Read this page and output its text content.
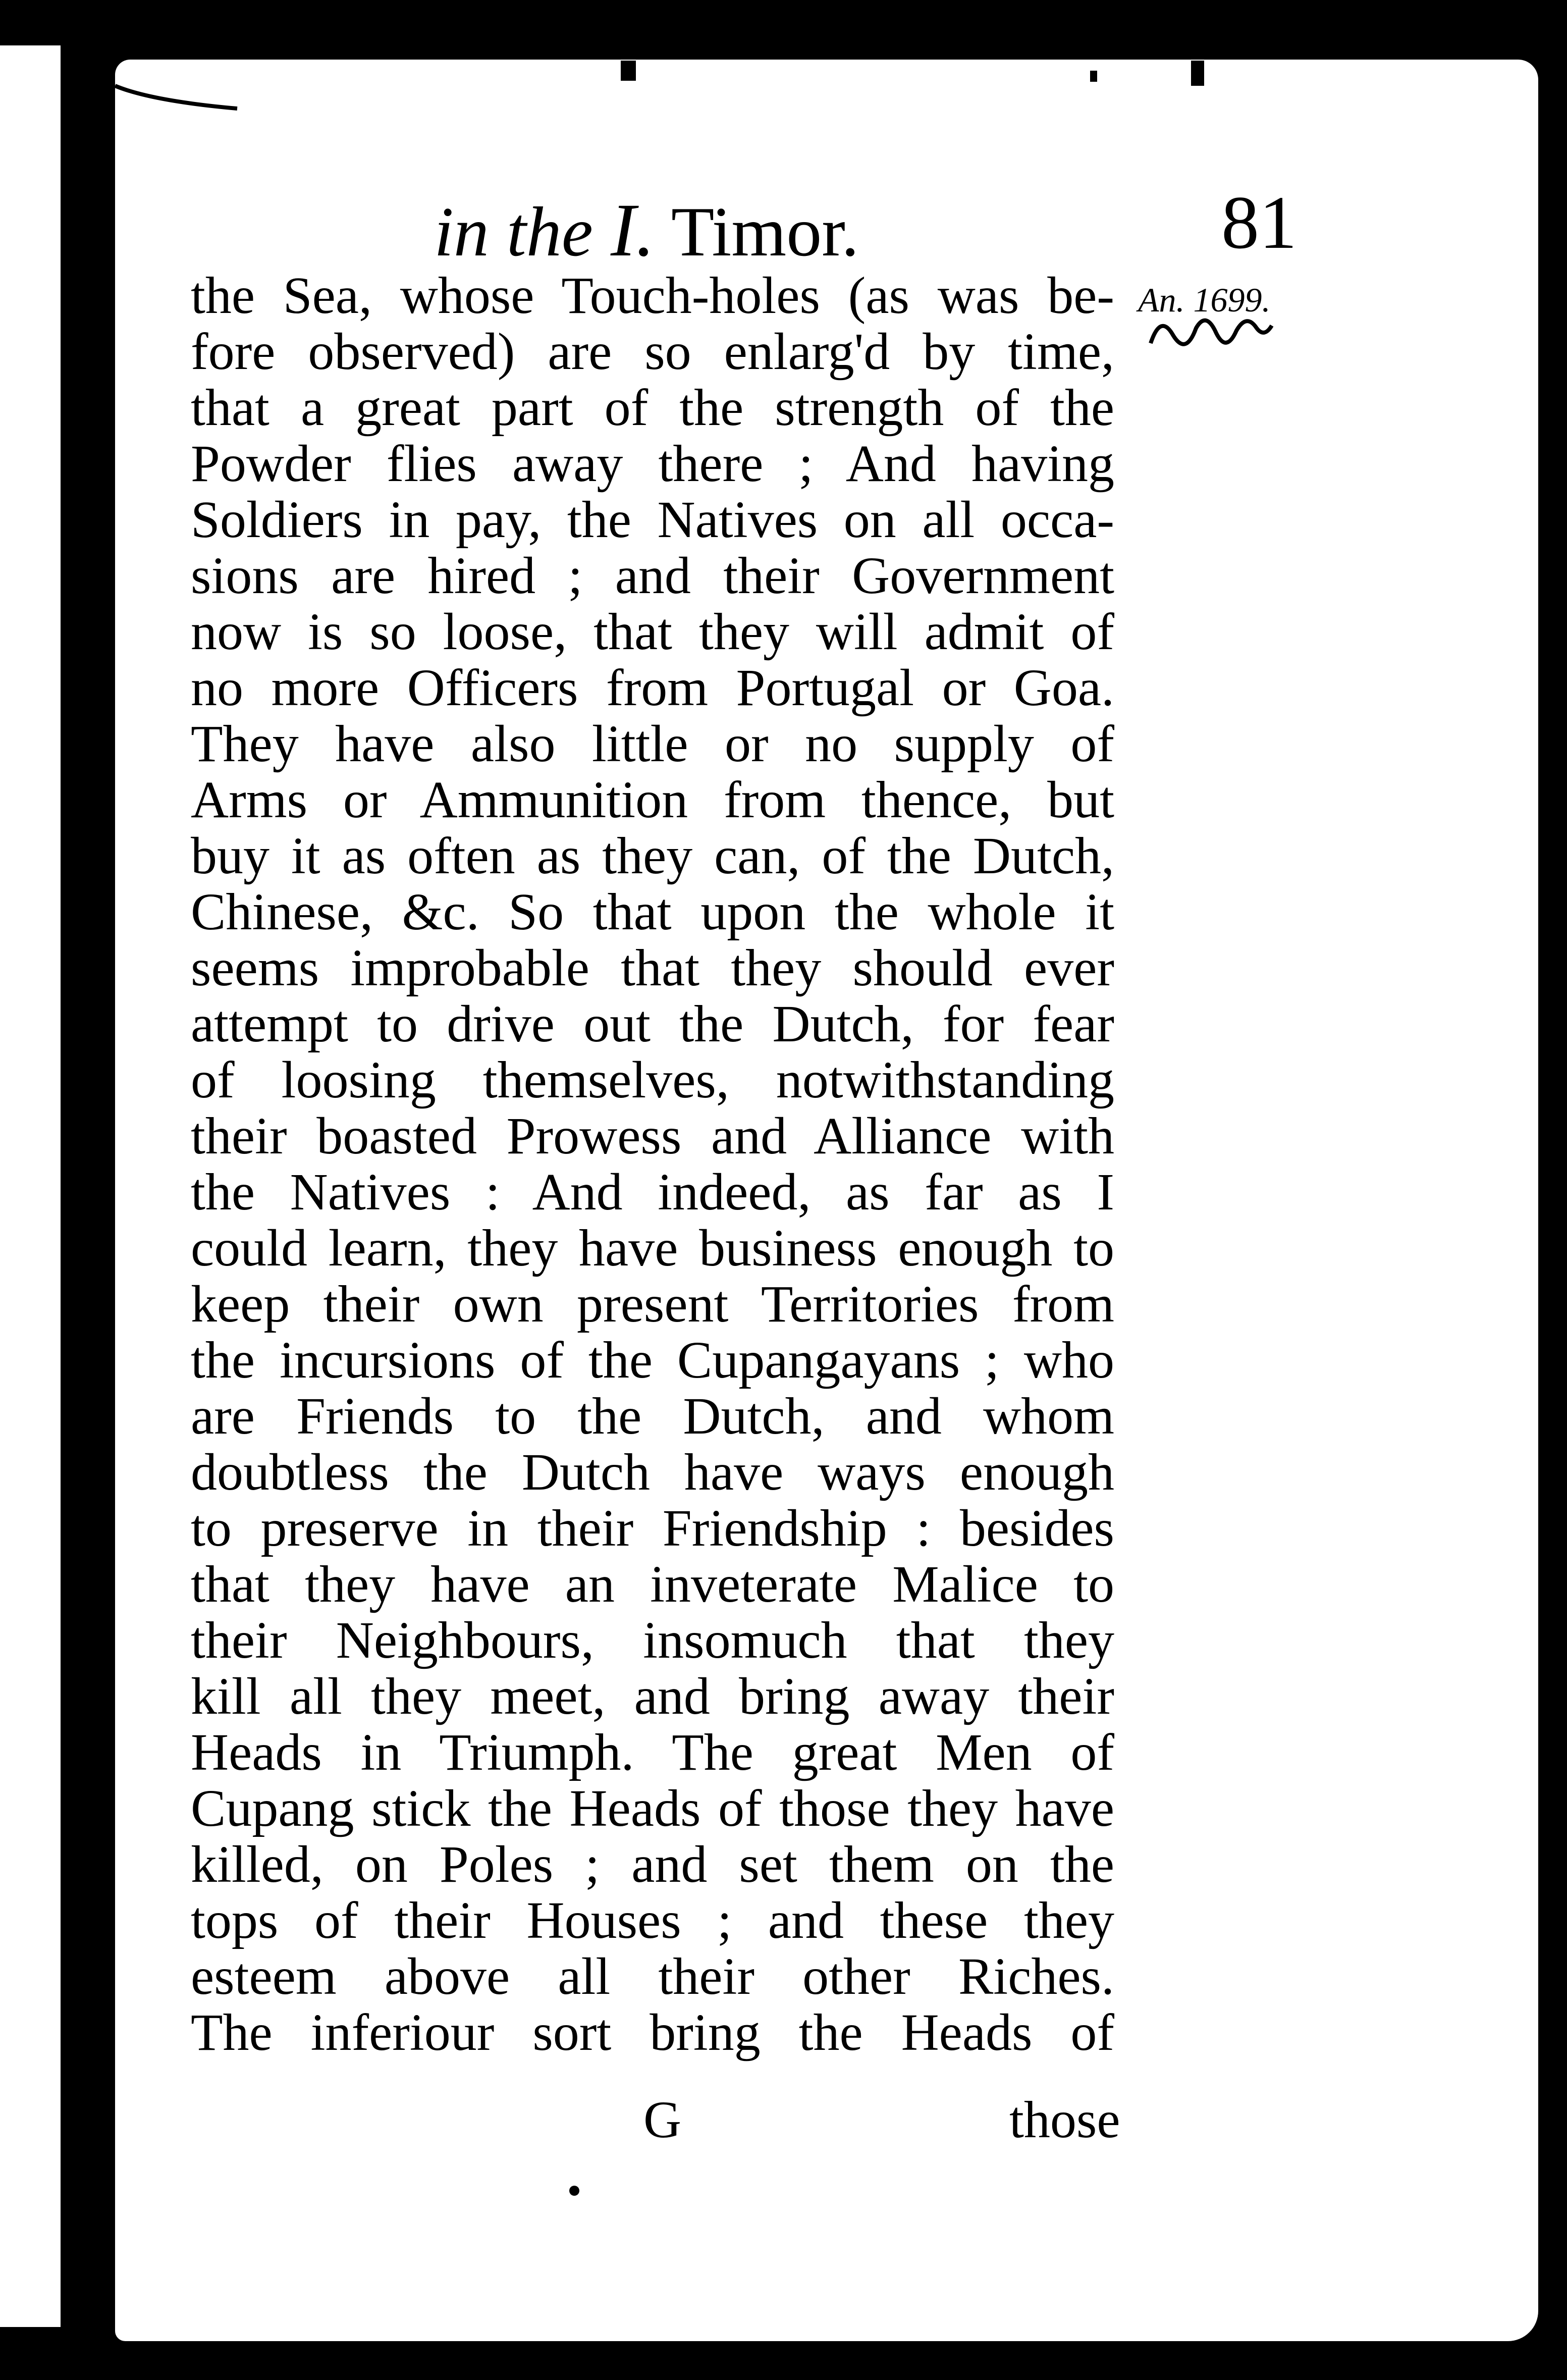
in the I. Timor.	81
An. 1699.
the Sea, whose Touch-holes (as was be-
fore observed) are so enlarg'd by time,
that a great part of the strength of the
Powder flies away there ; And having
Soldiers in pay, the Natives on all occa-
sions are hired ; and their Government
now is so loose, that they will admit of
no more Officers from Portugal or Goa.
They have also little or no supply of
Arms or Ammunition from thence, but
buy it as often as they can, of the Dutch,
Chinese, &c. So that upon the whole it
seems improbable that they should ever
attempt to drive out the Dutch, for fear
of loosing themselves, notwithstanding
their boasted Prowess and Alliance with
the Natives : And indeed, as far as I
could learn, they have business enough to
keep their own present Territories from
the incursions of the Cupangayans ; who
are Friends to the Dutch, and whom
doubtless the Dutch have ways enough
to preserve in their Friendship : besides
that they have an inveterate Malice to
their Neighbours, insomuch that they
kill all they meet, and bring away their
Heads in Triumph. The great Men of
Cupang stick the Heads of those they have
killed, on Poles ; and set them on the
tops of their Houses ; and these they
esteem above all their other Riches.
The inferiour sort bring the Heads of
G	those
